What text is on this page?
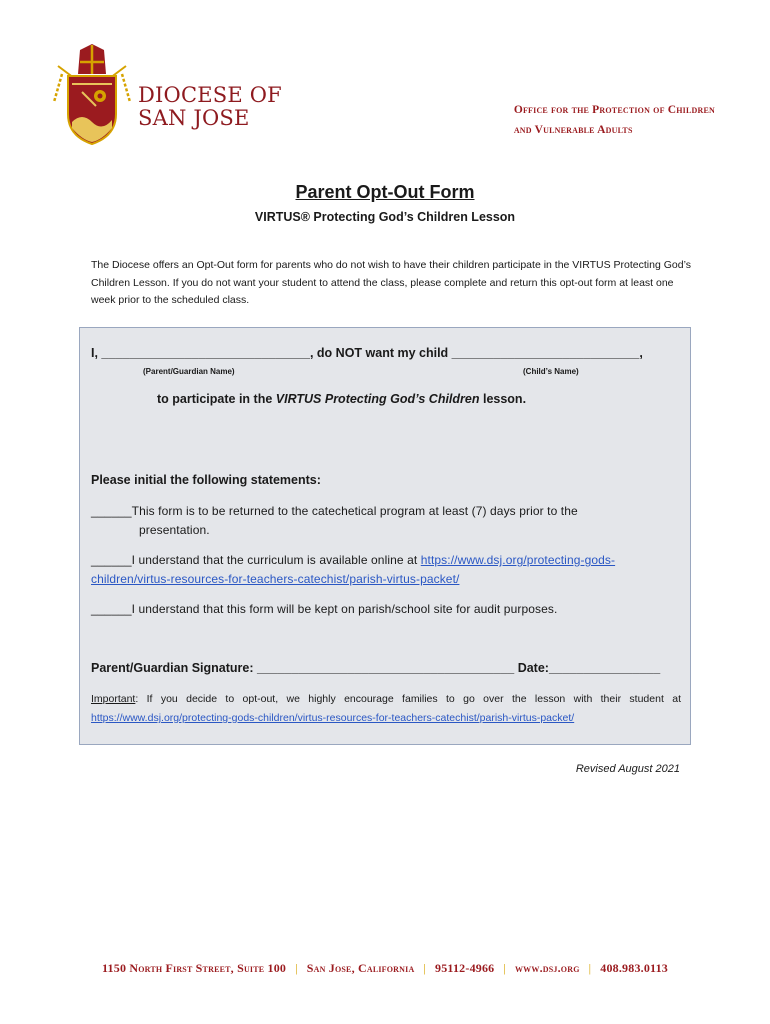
DIOCESE OF
SAN JOSE	Office for the Protection of Children
and Vulnerable Adults
Parent Opt-Out Form
VIRTUS® Protecting God’s Children Lesson
The Diocese offers an Opt-Out form for parents who do not wish to have their children participate in the VIRTUS Protecting God’s Children Lesson. If you do not want your student to attend the class, please complete and return this opt-out form at least one week prior to the scheduled class.
I, ______________________________, do NOT want my child ___________________________,
(Parent/Guardian Name)	(Child’s Name)
to participate in the VIRTUS Protecting God’s Children lesson.
Please initial the following statements:
______This form is to be returned to the catechetical program at least (7) days prior to the
presentation.
______I understand that the curriculum is available online at https://www.dsj.org/protecting-gods-children/virtus-resources-for-teachers-catechist/parish-virtus-packet/
______I understand that this form will be kept on parish/school site for audit purposes.
Parent/Guardian Signature: _____________________________________ Date:________________
Important: If you decide to opt-out, we highly encourage families to go over the lesson with their student at https://www.dsj.org/protecting-gods-children/virtus-resources-for-teachers-catechist/parish-virtus-packet/
Revised August 2021
1150 North First Street, Suite 100 | San Jose, California | 95112-4966 | www.dsj.org | 408.983.0113
